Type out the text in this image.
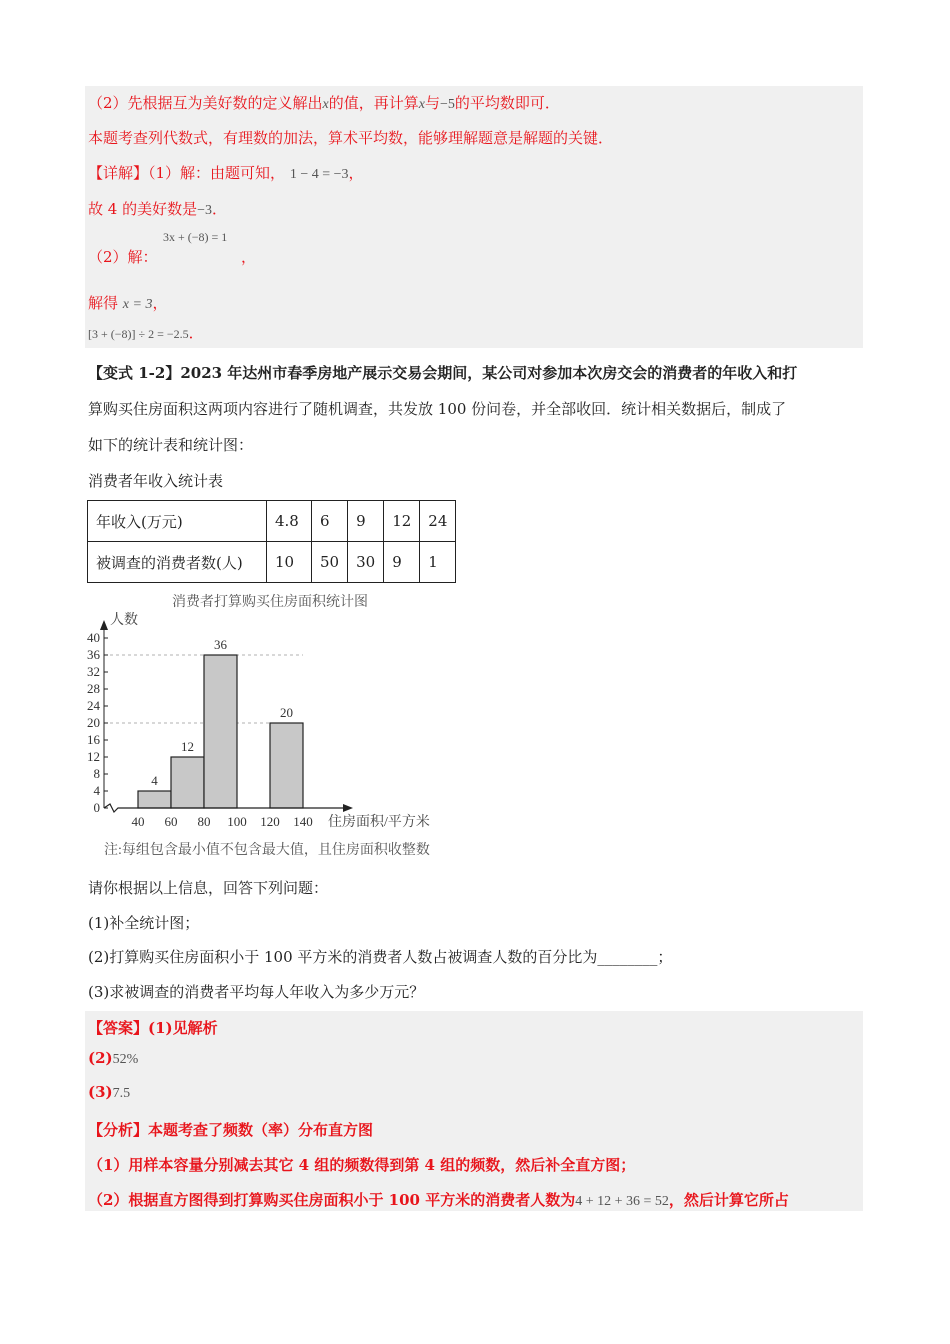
（2）先根据互为美好数的定义解出x的值，再计算x与−5的平均数即可．
本题考查列代数式，有理数的加法，算术平均数，能够理解题意是解题的关键．
【详解】（1）解：由题可知， 1 − 4 = −3，
故 4 的美好数是−3．
（2）解：
3x + (−8) = 1
，
解得 x = 3，
[3 + (−8)] ÷ 2 = −2.5．
【变式 1-2】2023 年达州市春季房地产展示交易会期间，某公司对参加本次房交会的消费者的年收入和打
算购买住房面积这两项内容进行了随机调查，共发放 100 份问卷，并全部收回．统计相关数据后，制成了
如下的统计表和统计图：
消费者年收入统计表
年收入(万元)	4.8	6	9	12	24
被调查的消费者数(人)	10	50	30	9	1
消费者打算购买住房面积统计图
人数
住房面积/平方米
注:每组包含最小值不包含最大值，且住房面积收整数
4
12
36
20
0
4
8
12
16
20
24
28
32
36
40
40 60 80 100 120 140
请你根据以上信息，回答下列问题：
(1)补全统计图；
(2)打算购买住房面积小于 100 平方米的消费者人数占被调查人数的百分比为________；
(3)求被调查的消费者平均每人年收入为多少万元？
【答案】(1)见解析
(2)52%
(3)7.5
【分析】本题考查了频数（率）分布直方图
（1）用样本容量分别减去其它 4 组的频数得到第 4 组的频数，然后补全直方图；
（2）根据直方图得到打算购买住房面积小于 100 平方米的消费者人数为4 + 12 + 36 = 52，然后计算它所占
